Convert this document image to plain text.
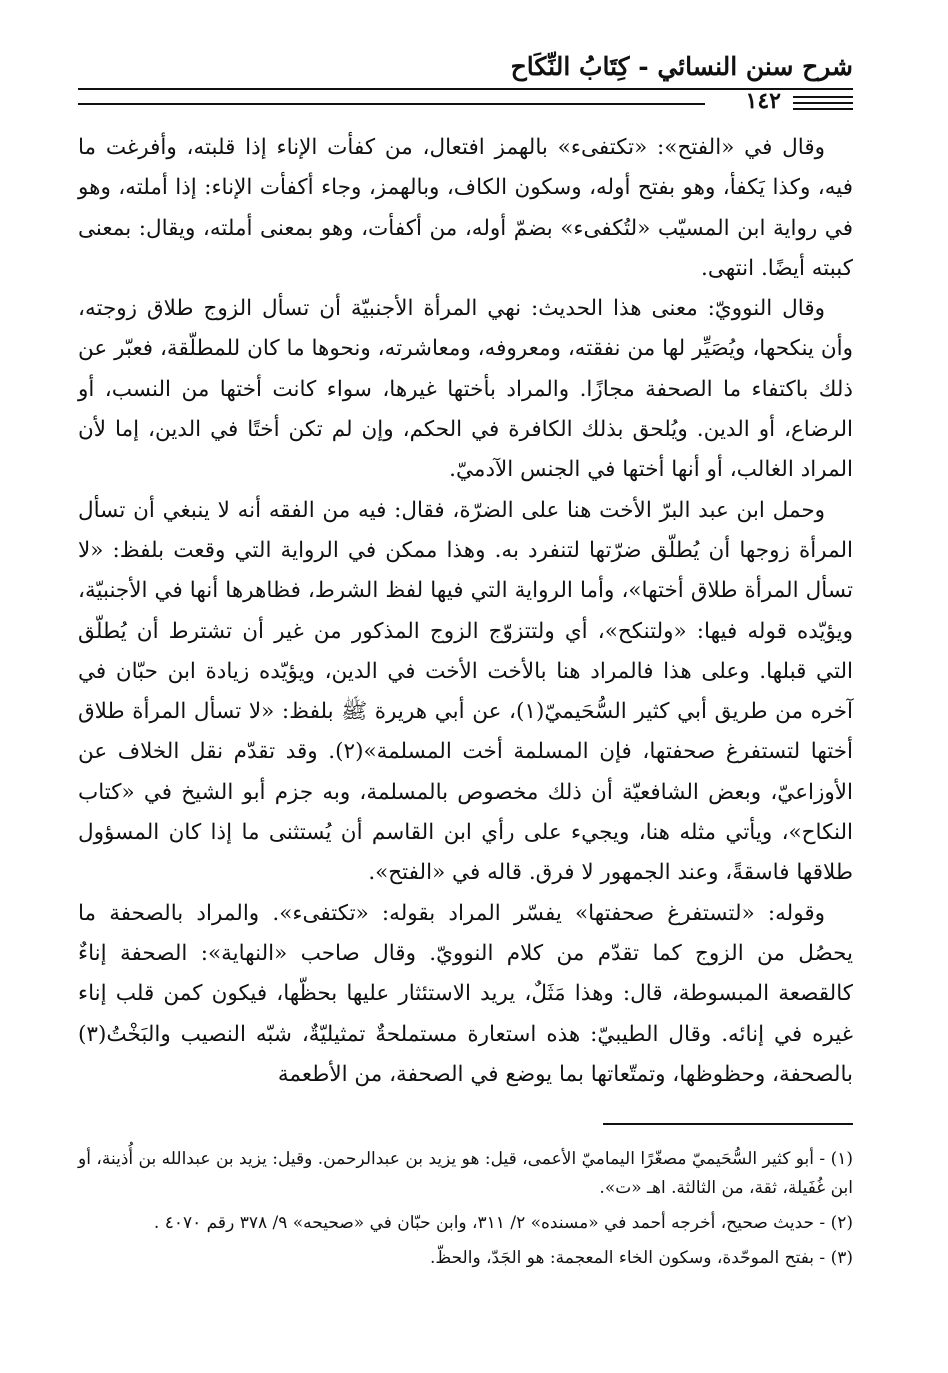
شرح سنن النسائي - كِتَابُ النِّكَاح
١٤٢

وقال في «الفتح»: «تكتفىء» بالهمز افتعال، من كفأت الإناء إذا قلبته، وأفرغت ما فيه، وكذا يَكفأ، وهو بفتح أوله، وسكون الكاف، وبالهمز، وجاء أكفأت الإناء: إذا أملته، وهو في رواية ابن المسيّب «لتُكفىء» بضمّ أوله، من أكفأت، وهو بمعنى أملته، ويقال: بمعنى كببته أيضًا. انتهى.

وقال النوويّ: معنى هذا الحديث: نهي المرأة الأجنبيّة أن تسأل الزوج طلاق زوجته، وأن ينكحها، ويُصَيِّر لها من نفقته، ومعروفه، ومعاشرته، ونحوها ما كان للمطلّقة، فعبّر عن ذلك باكتفاء ما الصحفة مجازًا. والمراد بأختها غيرها، سواء كانت أختها من النسب، أو الرضاع، أو الدين. ويُلحق بذلك الكافرة في الحكم، وإن لم تكن أختًا في الدين، إما لأن المراد الغالب، أو أنها أختها في الجنس الآدميّ.

وحمل ابن عبد البرّ الأخت هنا على الضرّة، فقال: فيه من الفقه أنه لا ينبغي أن تسأل المرأة زوجها أن يُطلّق ضرّتها لتنفرد به. وهذا ممكن في الرواية التي وقعت بلفظ: «لا تسأل المرأة طلاق أختها»، وأما الرواية التي فيها لفظ الشرط، فظاهرها أنها في الأجنبيّة، ويؤيّده قوله فيها: «ولتنكح»، أي ولتتزوّج الزوج المذكور من غير أن تشترط أن يُطلّق التي قبلها. وعلى هذا فالمراد هنا بالأخت الأخت في الدين، ويؤيّده زيادة ابن حبّان في آخره من طريق أبي كثير السُّحَيميّ(١)، عن أبي هريرة ﷺ بلفظ: «لا تسأل المرأة طلاق أختها لتستفرغ صحفتها، فإن المسلمة أخت المسلمة»(٢). وقد تقدّم نقل الخلاف عن الأوزاعيّ، وبعض الشافعيّة أن ذلك مخصوص بالمسلمة، وبه جزم أبو الشيخ في «كتاب النكاح»، ويأتي مثله هنا، ويجيء على رأي ابن القاسم أن يُستثنى ما إذا كان المسؤول طلاقها فاسقةً، وعند الجمهور لا فرق. قاله في «الفتح».

وقوله: «لتستفرغ صحفتها» يفسّر المراد بقوله: «تكتفىء». والمراد بالصحفة ما يحصُل من الزوج كما تقدّم من كلام النوويّ. وقال صاحب «النهاية»: الصحفة إناءٌ كالقصعة المبسوطة، قال: وهذا مَثَلٌ، يريد الاستئثار عليها بحظّها، فيكون كمن قلب إناء غيره في إنائه. وقال الطيبيّ: هذه استعارة مستملحةٌ تمثيليّةٌ، شبّه النصيب والبَخْتُ(٣) بالصحفة، وحظوظها، وتمتّعاتها بما يوضع في الصحفة، من الأطعمة

(١) - أبو كثير السُّحَيميّ مصغّرًا اليماميّ الأعمى، قيل: هو يزيد بن عبدالرحمن. وقيل: يزيد بن عبدالله بن أُذينة، أو ابن غُفَيلة، ثقة، من الثالثة. اهـ «ت».

(٢) - حديث صحيح، أخرجه أحمد في «مسنده» ٢/ ٣١١، وابن حبّان في «صحيحه» ٩/ ٣٧٨ رقم ٤٠٧٠ .

(٣) - بفتح الموحّدة، وسكون الخاء المعجمة: هو الجَدّ، والحظّ.
